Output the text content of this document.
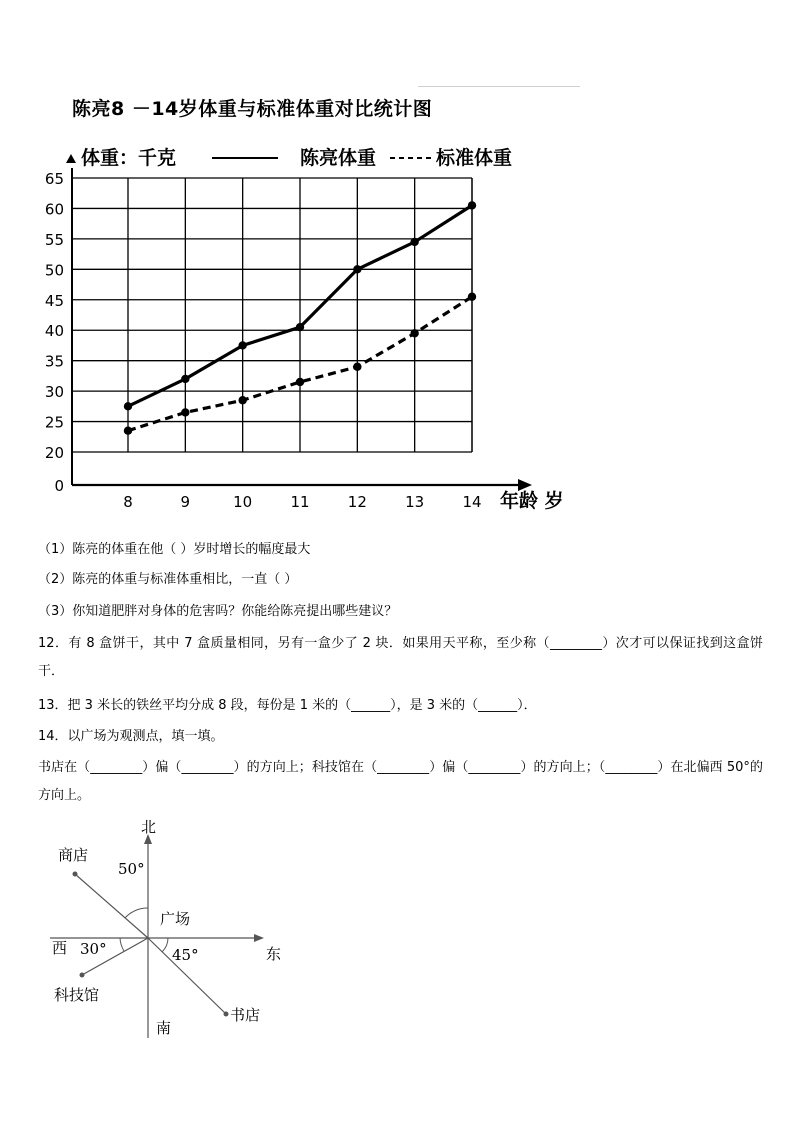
陈亮8 －14岁体重与标准体重对比统计图
体重：千克	陈亮体重	标准体重
年龄 岁
0
20
25
30
35
40
45
50
55
60
65
8	9	10	11	12	13	14
（1）陈亮的体重在他（ ）岁时增长的幅度最大
（2）陈亮的体重与标准体重相比，一直（ ）
（3）你知道肥胖对身体的危害吗？你能给陈亮提出哪些建议？
12．有 8 盒饼干，其中 7 盒质量相同，另有一盒少了 2 块．如果用天平称，至少称（________）次才可以保证找到这盒饼干．
13．把 3 米长的铁丝平均分成 8 段，每份是 1 米的（______），是 3 米的（______）．
14．以广场为观测点，填一填。
书店在（________）偏（________）的方向上；科技馆在（________）偏（________）的方向上；（________）在北偏西 50°的方向上。
北
南
东
西
广场
商店
科技馆
书店
50°
30°	45°
